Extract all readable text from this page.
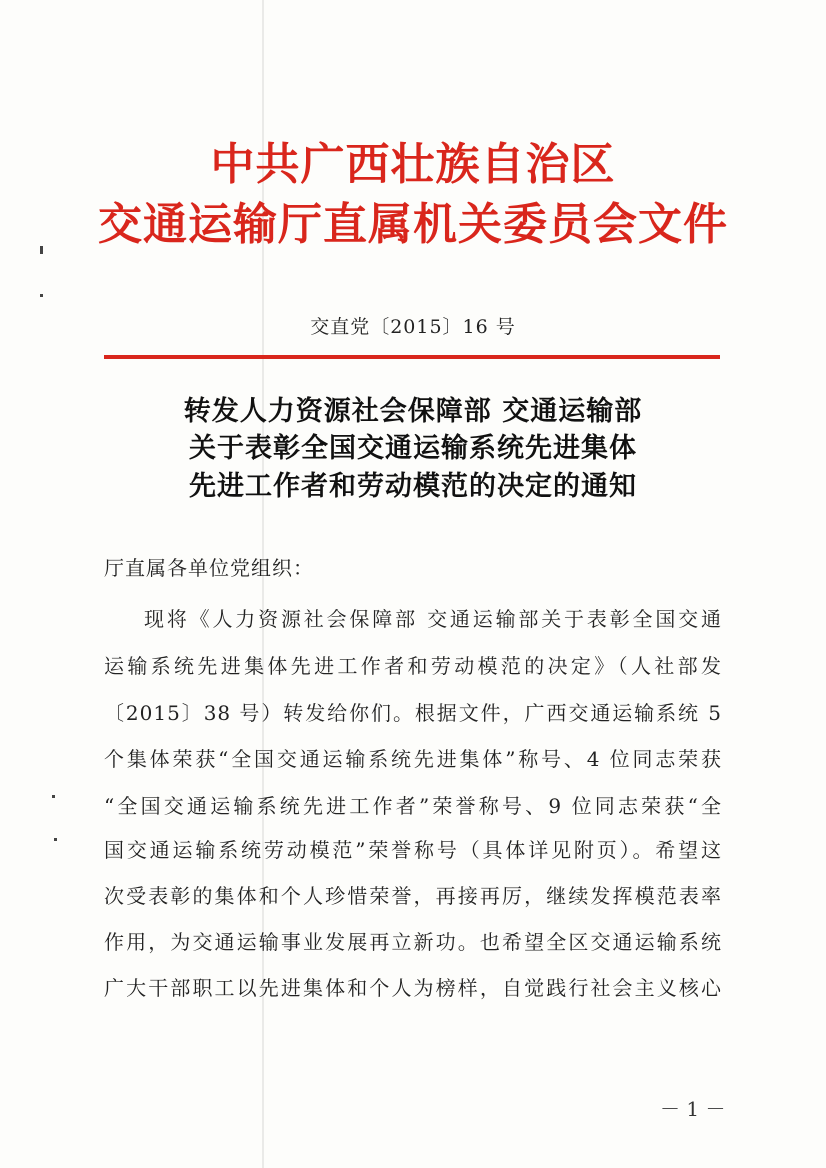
中共广西壮族自治区
交通运输厅直属机关委员会文件
交直党〔2015〕16 号
转发人力资源社会保障部 交通运输部
关于表彰全国交通运输系统先进集体
先进工作者和劳动模范的决定的通知
厅直属各单位党组织：
现将《人力资源社会保障部 交通运输部关于表彰全国交通
运输系统先进集体先进工作者和劳动模范的决定》（人社部发
〔2015〕38 号）转发给你们。根据文件，广西交通运输系统 5
个集体荣获“全国交通运输系统先进集体”称号、4 位同志荣获
“全国交通运输系统先进工作者”荣誉称号、9 位同志荣获“全
国交通运输系统劳动模范”荣誉称号（具体详见附页）。希望这
次受表彰的集体和个人珍惜荣誉，再接再厉，继续发挥模范表率
作用，为交通运输事业发展再立新功。也希望全区交通运输系统
广大干部职工以先进集体和个人为榜样，自觉践行社会主义核心
－ 1 －
